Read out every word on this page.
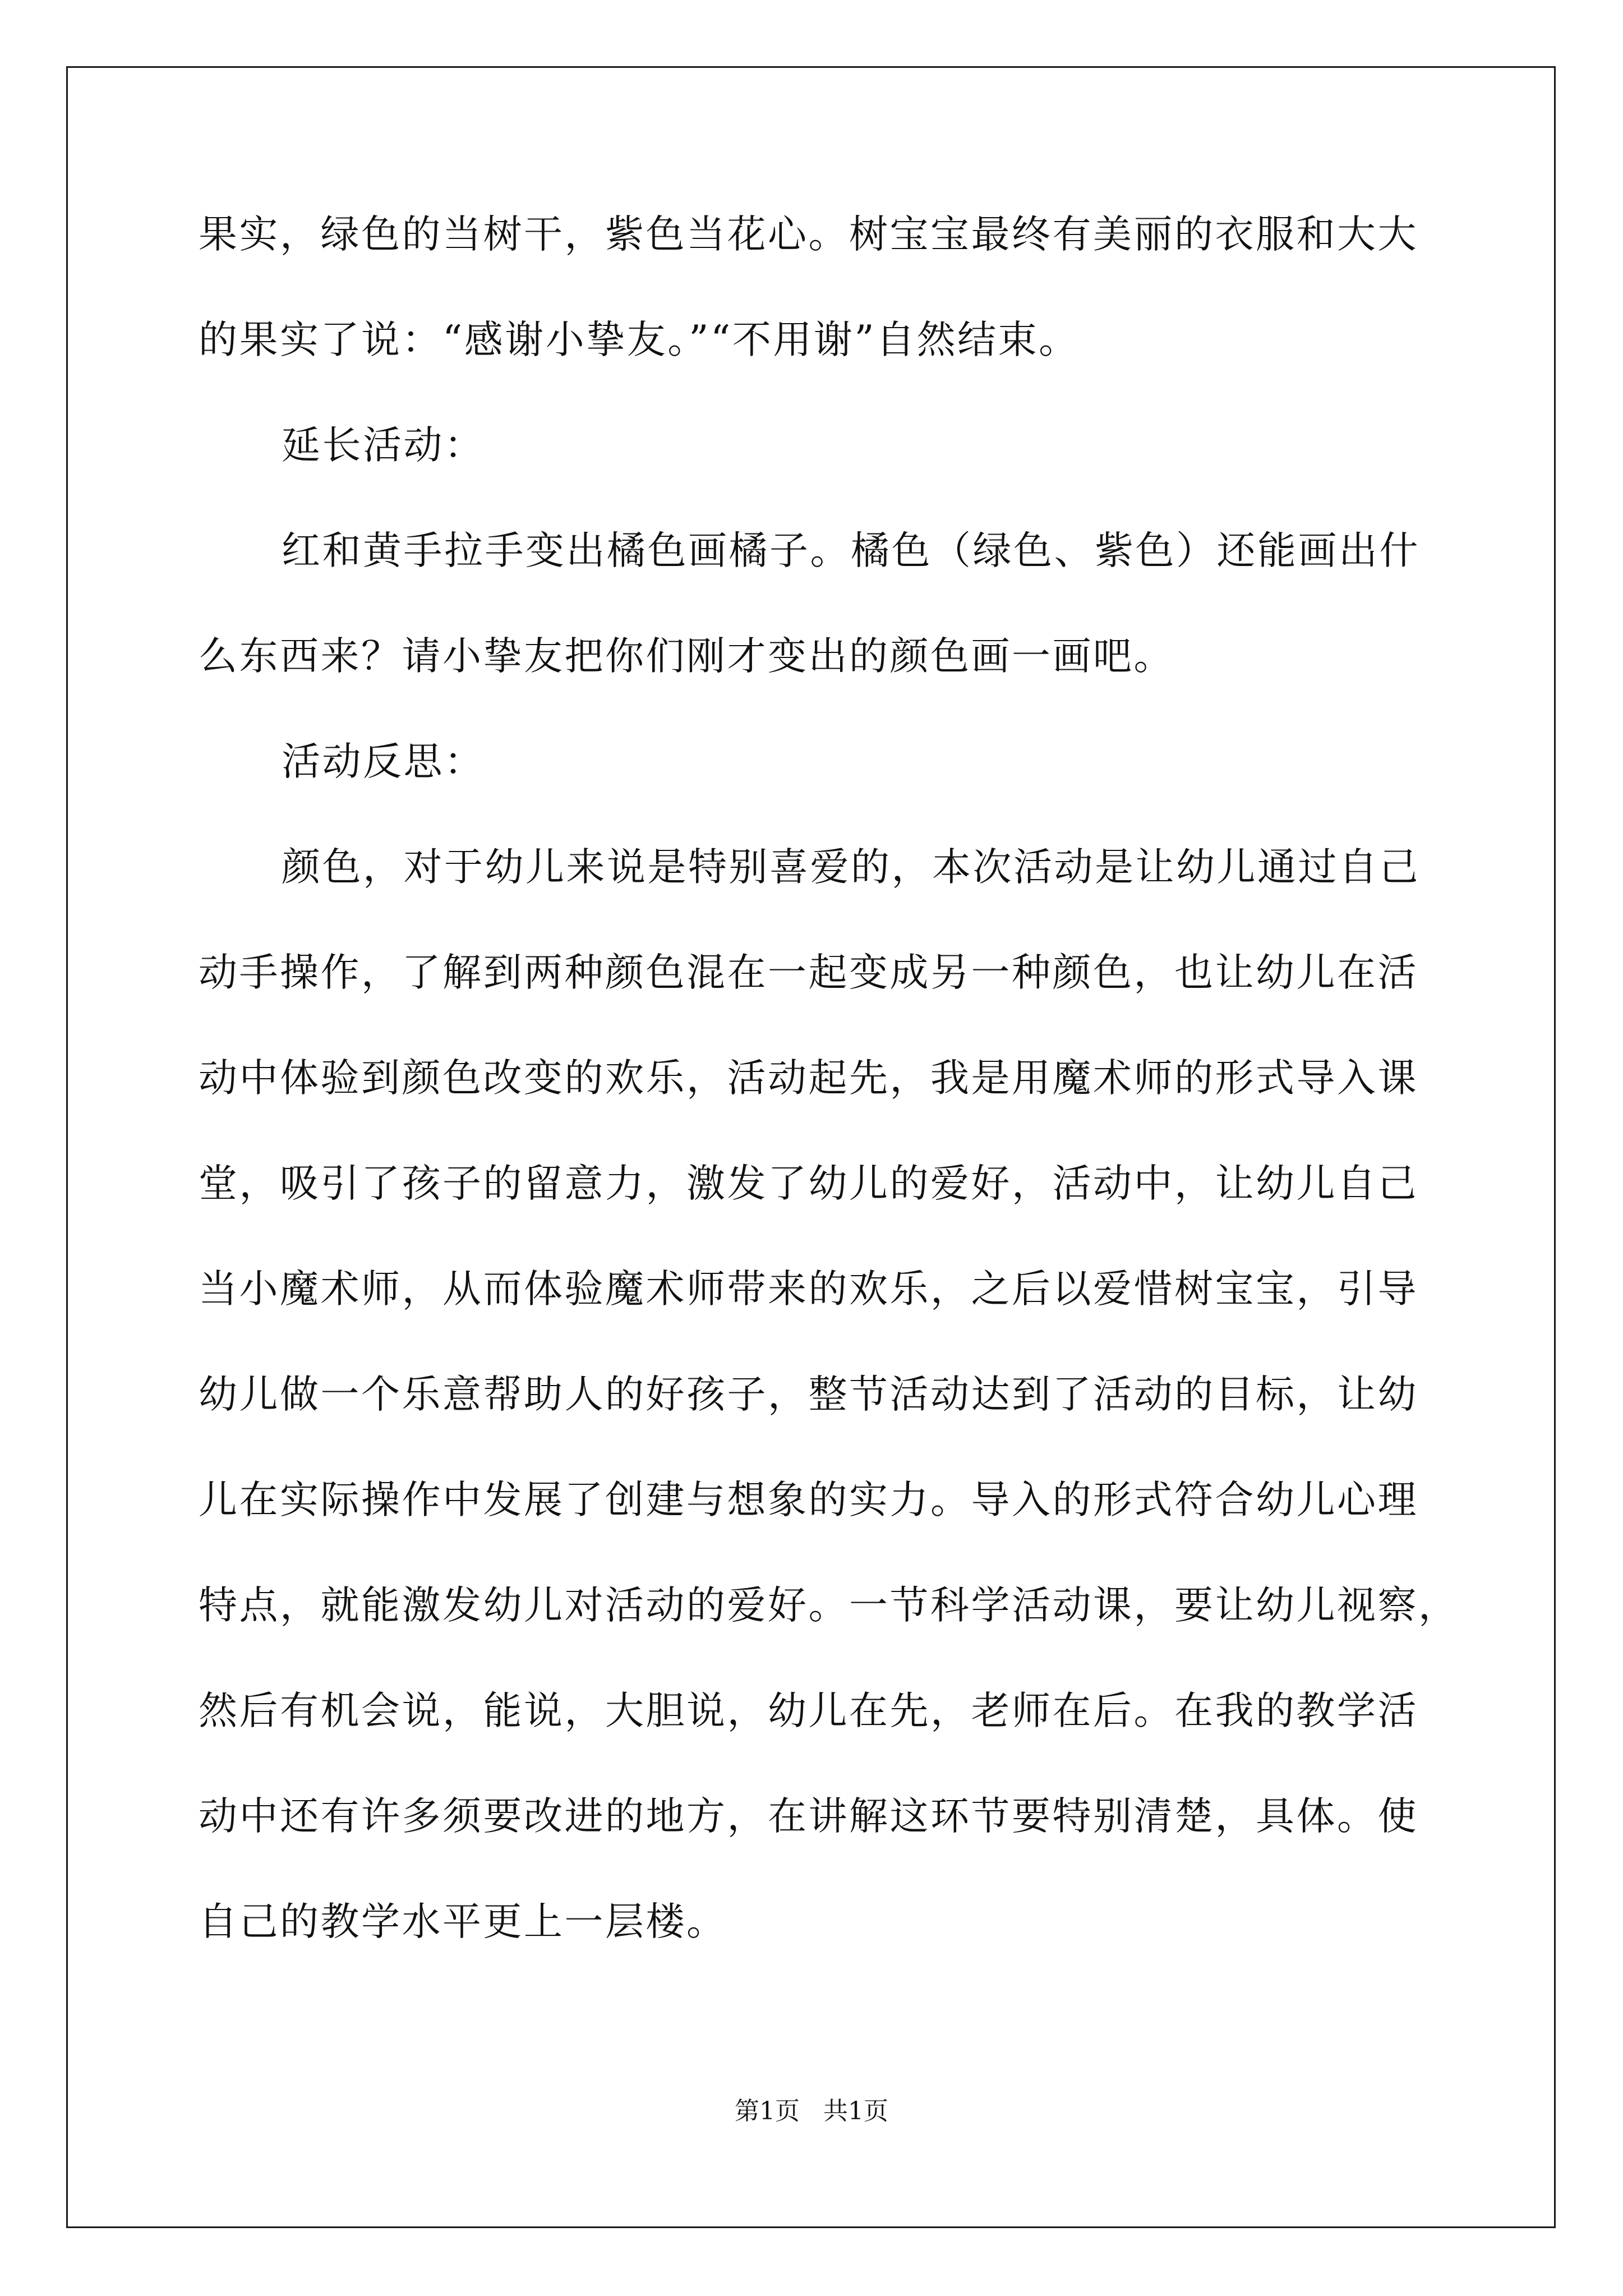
果实，绿色的当树干，紫色当花心。树宝宝最终有美丽的衣服和大大
的果实了说：“感谢小挚友。”“不用谢”自然结束。
延长活动：
红和黄手拉手变出橘色画橘子。橘色（绿色、紫色）还能画出什
么东西来？请小挚友把你们刚才变出的颜色画一画吧。
活动反思：
颜色，对于幼儿来说是特别喜爱的，本次活动是让幼儿通过自己
动手操作，了解到两种颜色混在一起变成另一种颜色，也让幼儿在活
动中体验到颜色改变的欢乐，活动起先，我是用魔术师的形式导入课
堂，吸引了孩子的留意力，激发了幼儿的爱好，活动中，让幼儿自己
当小魔术师，从而体验魔术师带来的欢乐，之后以爱惜树宝宝，引导
幼儿做一个乐意帮助人的好孩子，整节活动达到了活动的目标，让幼
儿在实际操作中发展了创建与想象的实力。导入的形式符合幼儿心理
特点，就能激发幼儿对活动的爱好。一节科学活动课，要让幼儿视察，
然后有机会说，能说，大胆说，幼儿在先，老师在后。在我的教学活
动中还有许多须要改进的地方，在讲解这环节要特别清楚，具体。使
自己的教学水平更上一层楼。
第1页   共1页
